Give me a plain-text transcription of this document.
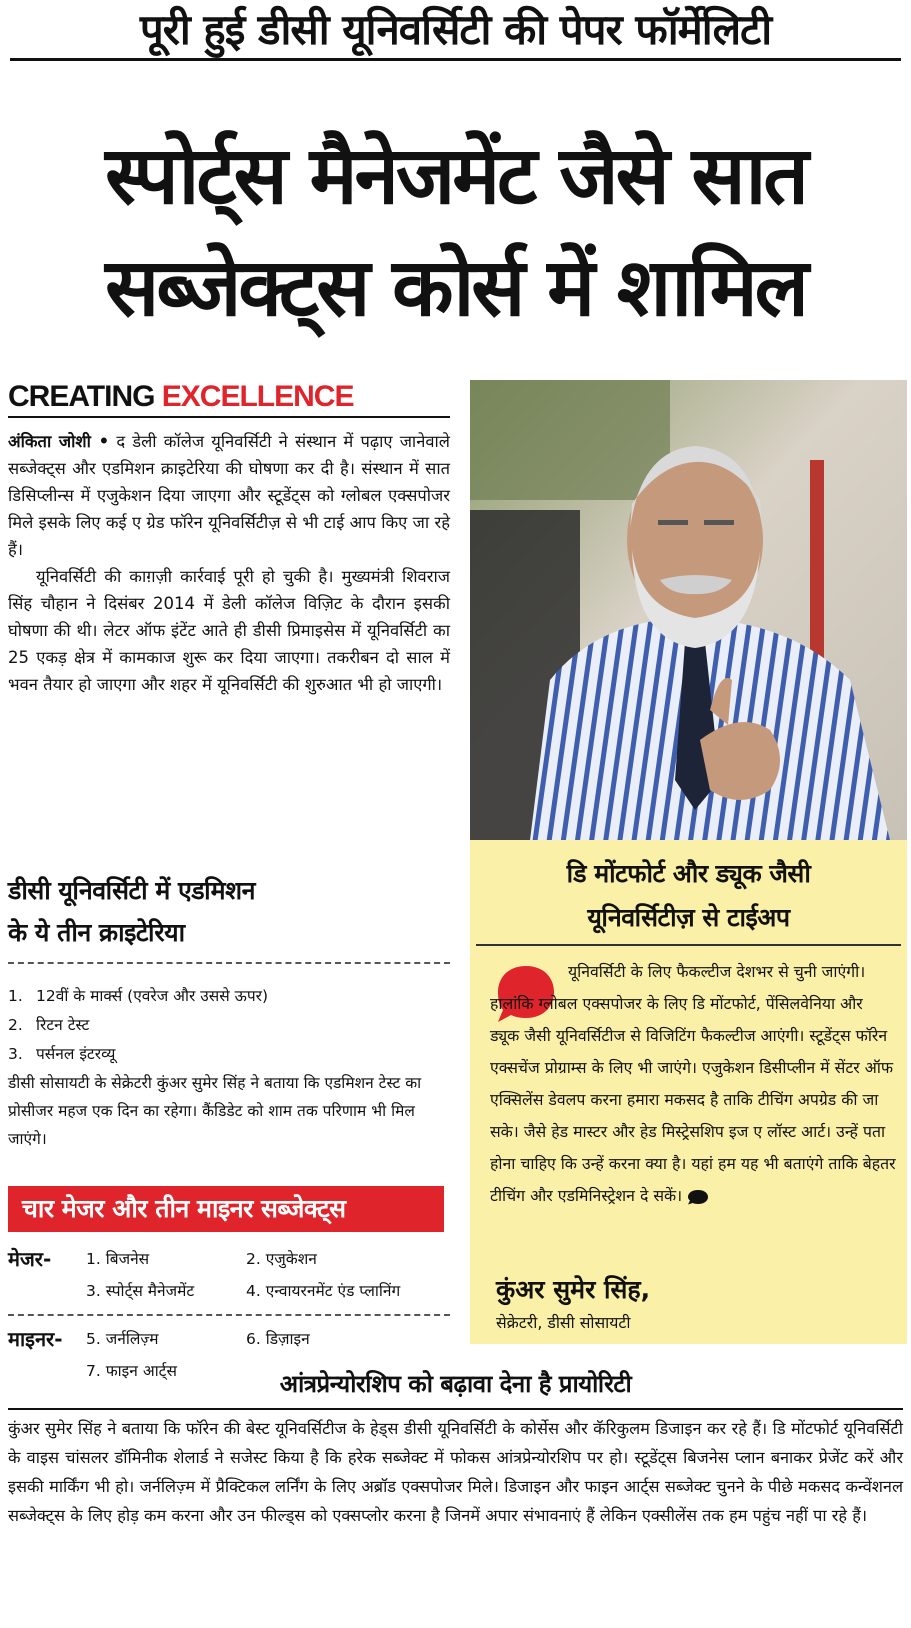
पूरी हुई डीसी यूनिवर्सिटी की पेपर फॉर्मेलिटी
स्पोर्ट्स मैनेजमेंट जैसे सात
सब्जेक्ट्स कोर्स में शामिल
CREATING EXCELLENCE

अंकिता जोशी • द डेली कॉलेज यूनिवर्सिटी ने संस्थान में पढ़ाए जानेवाले सब्जेक्ट्स और एडमिशन क्राइटेरिया की घोषणा कर दी है। संस्थान में सात डिसिप्लीन्स में एजुकेशन दिया जाएगा और स्टूडेंट्स को ग्लोबल एक्सपोजर मिले इसके लिए कई ए ग्रेड फॉरेन यूनिवर्सिटीज़ से भी टाई आप किए जा रहे हैं।

यूनिवर्सिटी की काग़ज़ी कार्रवाई पूरी हो चुकी है। मुख्यमंत्री शिवराज सिंह चौहान ने दिसंबर 2014 में डेली कॉलेज विज़िट के दौरान इसकी घोषणा की थी। लेटर ऑफ इंटेंट आते ही डीसी प्रिमाइसेस में यूनिवर्सिटी का 25 एकड़ क्षेत्र में कामकाज शुरू कर दिया जाएगा। तकरीबन दो साल में भवन तैयार हो जाएगा और शहर में यूनिवर्सिटी की शुरुआत भी हो जाएगी।

डीसी यूनिवर्सिटी में एडमिशन
के ये तीन क्राइटेरिया
1. 12वीं के मार्क्स (एवरेज और उससे ऊपर)
2. रिटन टेस्ट
3. पर्सनल इंटरव्यू
डीसी सोसायटी के सेक्रेटरी कुंअर सुमेर सिंह ने बताया कि एडमिशन टेस्ट का प्रोसीजर महज एक दिन का रहेगा। कैंडिडेट को शाम तक परिणाम भी मिल जाएंगे।
चार मेजर और तीन माइनर सब्जेक्ट्स
मेजर-	1. बिजनेस	2. एजुकेशन
3. स्पोर्ट्स मैनेजमेंट	4. एन्वायरनमेंट एंड प्लानिंग
माइनर-	5. जर्नलिज़्म	6. डिज़ाइन
7. फाइन आर्ट्स
डि मोंटफोर्ट और ड्यूक जैसी
यूनिवर्सिटीज़ से टाईअप
यूनिवर्सिटी के लिए फैकल्टीज देशभर से चुनी जाएंगी।
हालांकि ग्लोबल एक्सपोजर के लिए डि मोंटफोर्ट, पेंसिलवेनिया और ड्यूक जैसी यूनिवर्सिटीज से विजिटिंग फैकल्टीज आएंगी। स्टूडेंट्स फॉरेन एक्सचेंज प्रोग्राम्स के लिए भी जाएंगे। एजुकेशन डिसीप्लीन में सेंटर ऑफ एक्सिलेंस डेवलप करना हमारा मकसद है ताकि टीचिंग अपग्रेड की जा सके। जैसे हेड मास्टर और हेड मिस्ट्रेसशिप इज ए लॉस्ट आर्ट। उन्हें पता होना चाहिए कि उन्हें करना क्या है। यहां हम यह भी बताएंगे ताकि बेहतर टीचिंग और एडमिनिस्ट्रेशन दे सकें।
कुंअर सुमेर सिंह,
सेक्रेटरी, डीसी सोसायटी
आंत्रप्रेन्योरशिप को बढ़ावा देना है प्रायोरिटी
कुंअर सुमेर सिंह ने बताया कि फॉरेन की बेस्ट यूनिवर्सिटीज के हेड्स डीसी यूनिवर्सिटी के कोर्सेस और कॅरिकुलम डिजाइन कर रहे हैं। डि मोंटफोर्ट यूनिवर्सिटी के वाइस चांसलर डॉमिनीक शेलार्ड ने सजेस्ट किया है कि हरेक सब्जेक्ट में फोकस आंत्रप्रेन्योरशिप पर हो। स्टूडेंट्स बिजनेस प्लान बनाकर प्रेजेंट करें और इसकी मार्किंग भी हो। जर्नलिज़्म में प्रैक्टिकल लर्निंग के लिए अब्रॉड एक्सपोजर मिले। डिजाइन और फाइन आर्ट्स सब्जेक्ट चुनने के पीछे मकसद कन्वेंशनल सब्जेक्ट्स के लिए होड़ कम करना और उन फील्ड्स को एक्सप्लोर करना है जिनमें अपार संभावनाएं हैं लेकिन एक्सीलेंस तक हम पहुंच नहीं पा रहे हैं।
